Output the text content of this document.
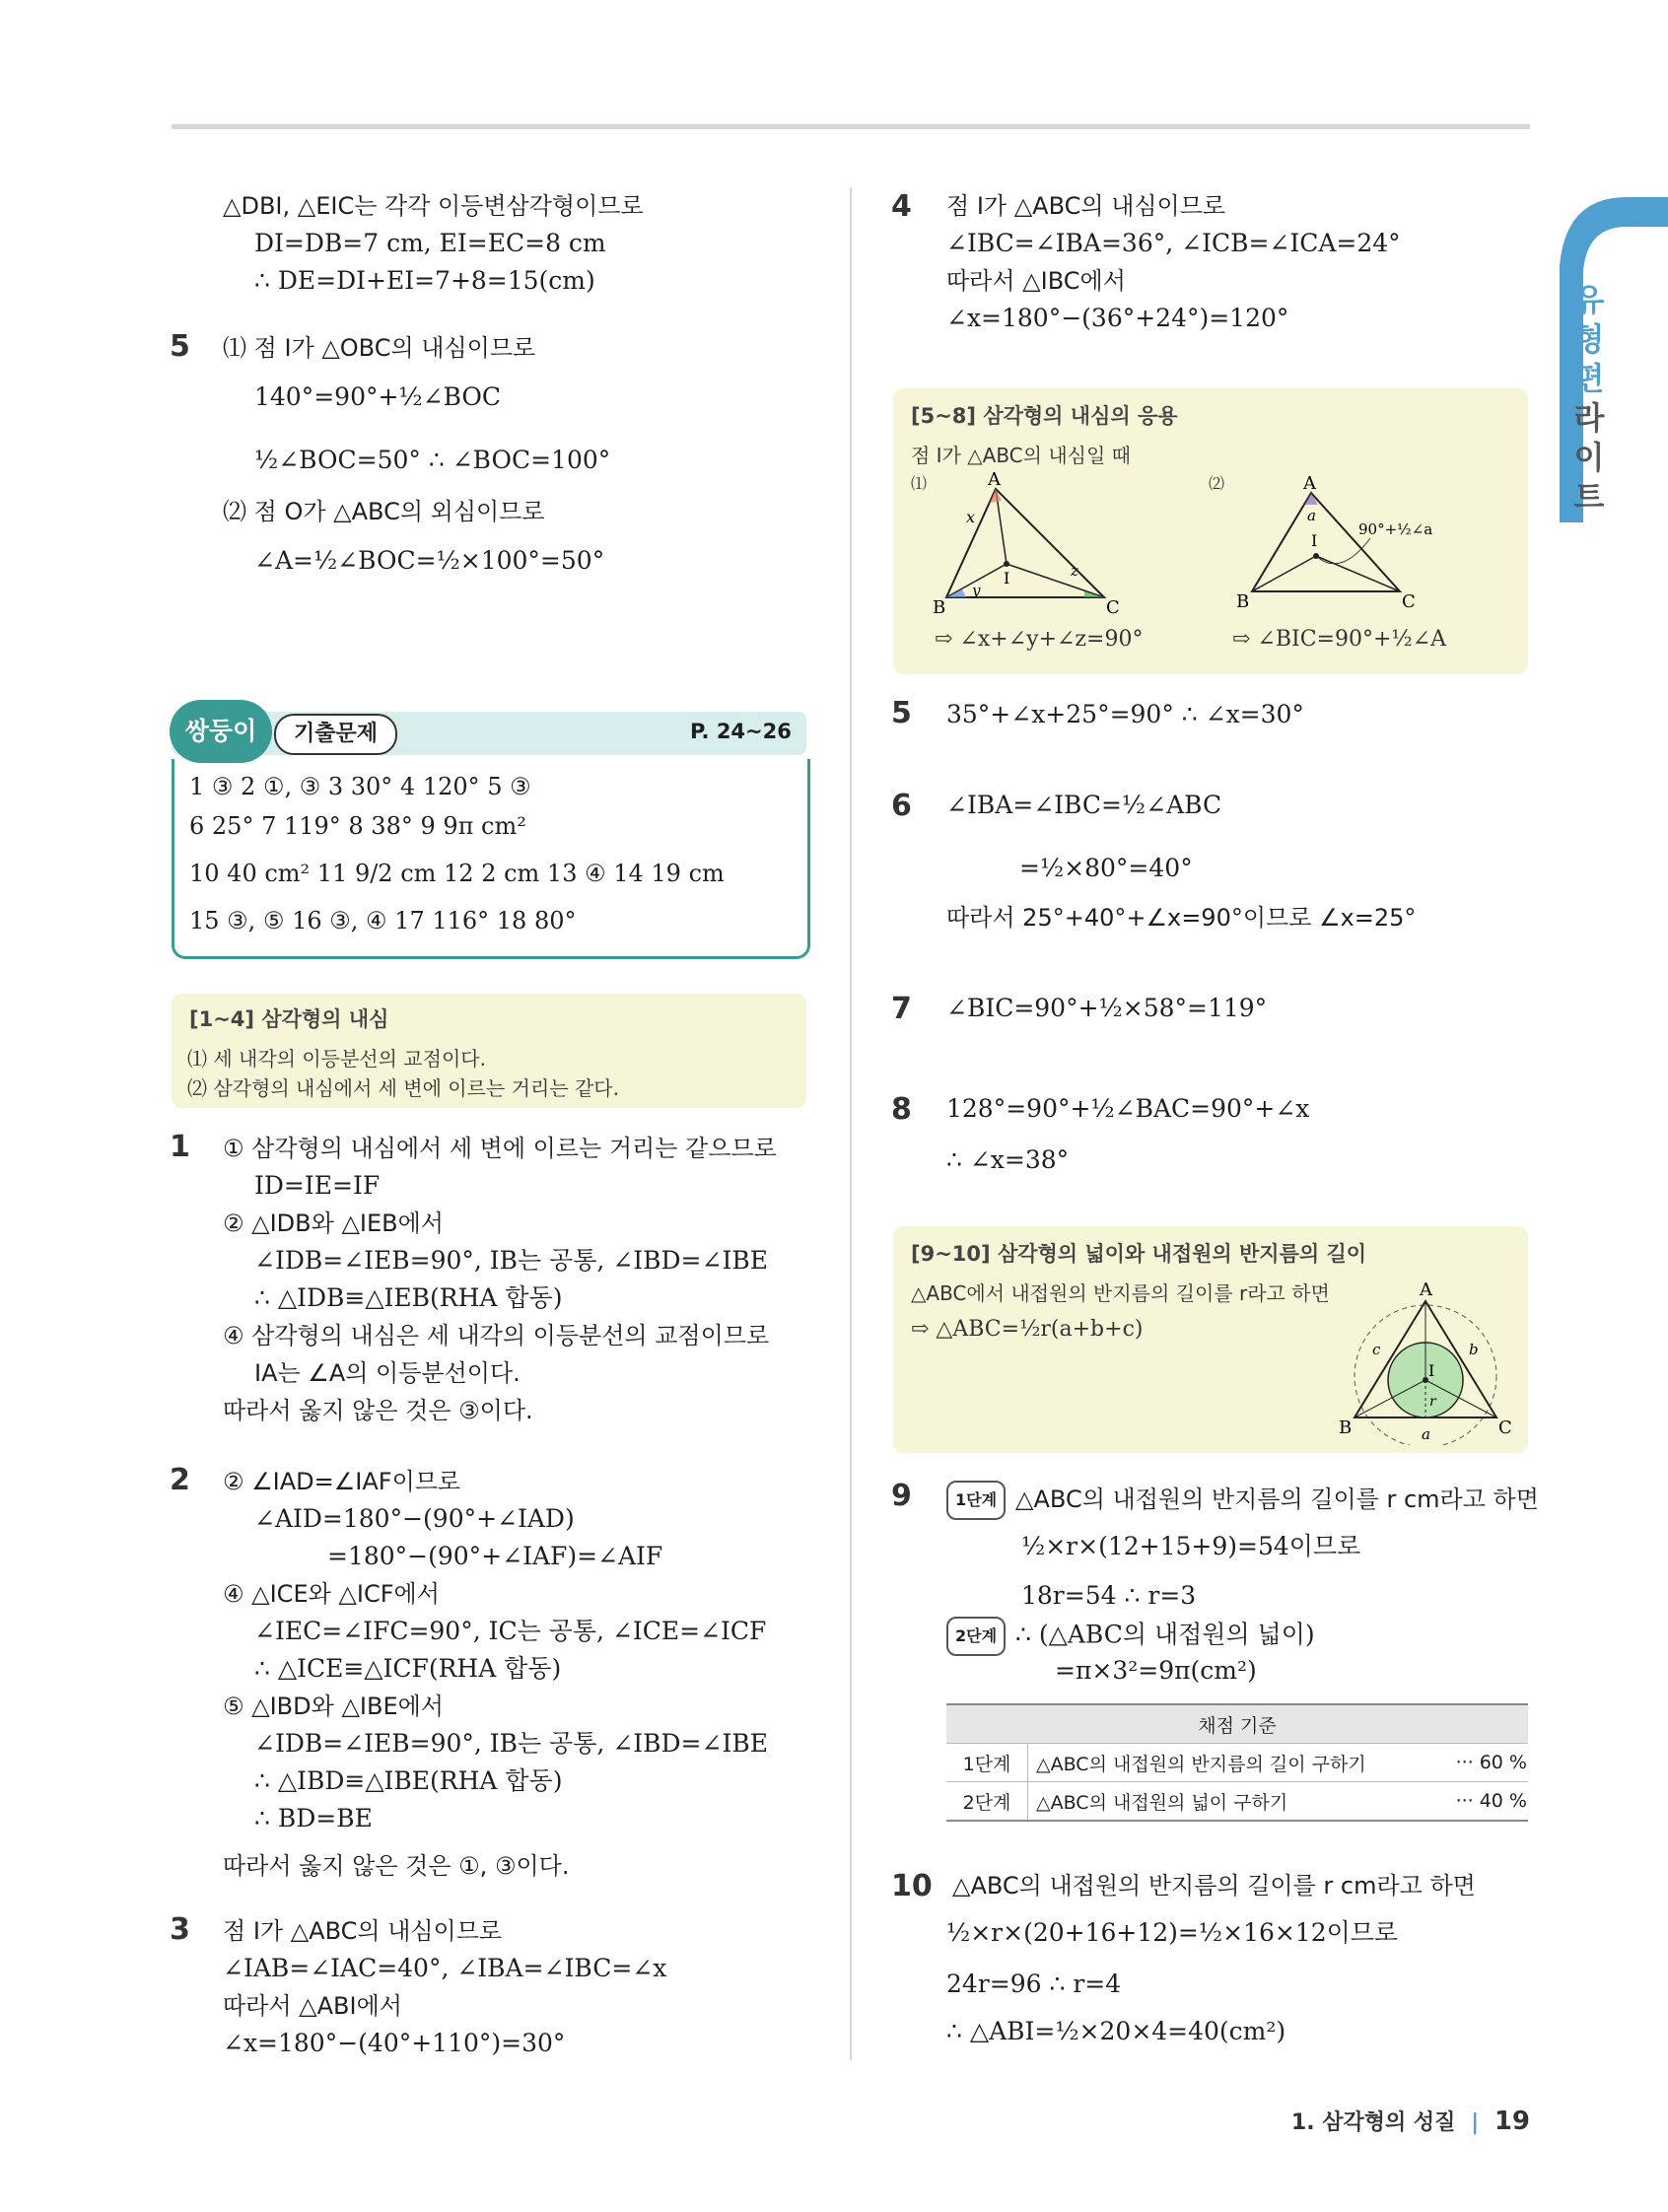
유형편
라이트
△DBI, △EIC는 각각 이등변삼각형이므로
DI=DB=7 cm, EI=EC=8 cm
∴ DE=DI+EI=7+8=15(cm)
5 ⑴ 점 I가 △OBC의 내심이므로
140°=90°+½∠BOC
½∠BOC=50° ∴ ∠BOC=100°
⑵ 점 O가 △ABC의 외심이므로
∠A=½∠BOC=½×100°=50°
쌍둥이	기출문제	P. 24~26
1 ③ 2 ①, ③ 3 30° 4 120° 5 ③
6 25° 7 119° 8 38° 9 9π cm²
10 40 cm² 11 9/2 cm 12 2 cm 13 ④ 14 19 cm
15 ③, ⑤ 16 ③, ④ 17 116° 18 80°
[1~4] 삼각형의 내심
⑴ 세 내각의 이등분선의 교점이다.
⑵ 삼각형의 내심에서 세 변에 이르는 거리는 같다.
1 ① 삼각형의 내심에서 세 변에 이르는 거리는 같으므로
ID=IE=IF
② △IDB와 △IEB에서
∠IDB=∠IEB=90°, IB는 공통, ∠IBD=∠IBE
∴ △IDB≡△IEB(RHA 합동)
④ 삼각형의 내심은 세 내각의 이등분선의 교점이므로
IA는 ∠A의 이등분선이다.
따라서 옳지 않은 것은 ③이다.
2 ② ∠IAD=∠IAF이므로
∠AID=180°−(90°+∠IAD)
=180°−(90°+∠IAF)=∠AIF
④ △ICE와 △ICF에서
∠IEC=∠IFC=90°, IC는 공통, ∠ICE=∠ICF
∴ △ICE≡△ICF(RHA 합동)
⑤ △IBD와 △IBE에서
∠IDB=∠IEB=90°, IB는 공통, ∠IBD=∠IBE
∴ △IBD≡△IBE(RHA 합동)
∴ BD=BE
따라서 옳지 않은 것은 ①, ③이다.
3 점 I가 △ABC의 내심이므로
∠IAB=∠IAC=40°, ∠IBA=∠IBC=∠x
따라서 △ABI에서
∠x=180°−(40°+110°)=30°
4 점 I가 △ABC의 내심이므로
∠IBC=∠IBA=36°, ∠ICB=∠ICA=24°
따라서 △IBC에서
∠x=180°−(36°+24°)=120°
[5~8] 삼각형의 내심의 응용
점 I가 △ABC의 내심일 때
⑴	⑵
A
B	C
I
x
y
z
A
B	C
I
a
90°+½∠a
⇨ ∠x+∠y+∠z=90°	⇨ ∠BIC=90°+½∠A
5 35°+∠x+25°=90° ∴ ∠x=30°
6 ∠IBA=∠IBC=½∠ABC
=½×80°=40°
따라서 25°+40°+∠x=90°이므로 ∠x=25°
7 ∠BIC=90°+½×58°=119°
8 128°=90°+½∠BAC=90°+∠x
∴ ∠x=38°
[9~10] 삼각형의 넓이와 내접원의 반지름의 길이
△ABC에서 내접원의 반지름의 길이를 r라고 하면
⇨ △ABC=½r(a+b+c)
A
B	C
I
a
b
c
r
9	1단계 △ABC의 내접원의 반지름의 길이를 r cm라고 하면
½×r×(12+15+9)=54이므로
18r=54 ∴ r=3
2단계 ∴ (△ABC의 내접원의 넓이)
=π×3²=9π(cm²)
채점 기준		
1단계	△ABC의 내접원의 반지름의 길이 구하기	··· 60 %
2단계	△ABC의 내접원의 넓이 구하기	··· 40 %
10 △ABC의 내접원의 반지름의 길이를 r cm라고 하면
½×r×(20+16+12)=½×16×12이므로
24r=96 ∴ r=4
∴ △ABI=½×20×4=40(cm²)
1. 삼각형의 성질 | 19
